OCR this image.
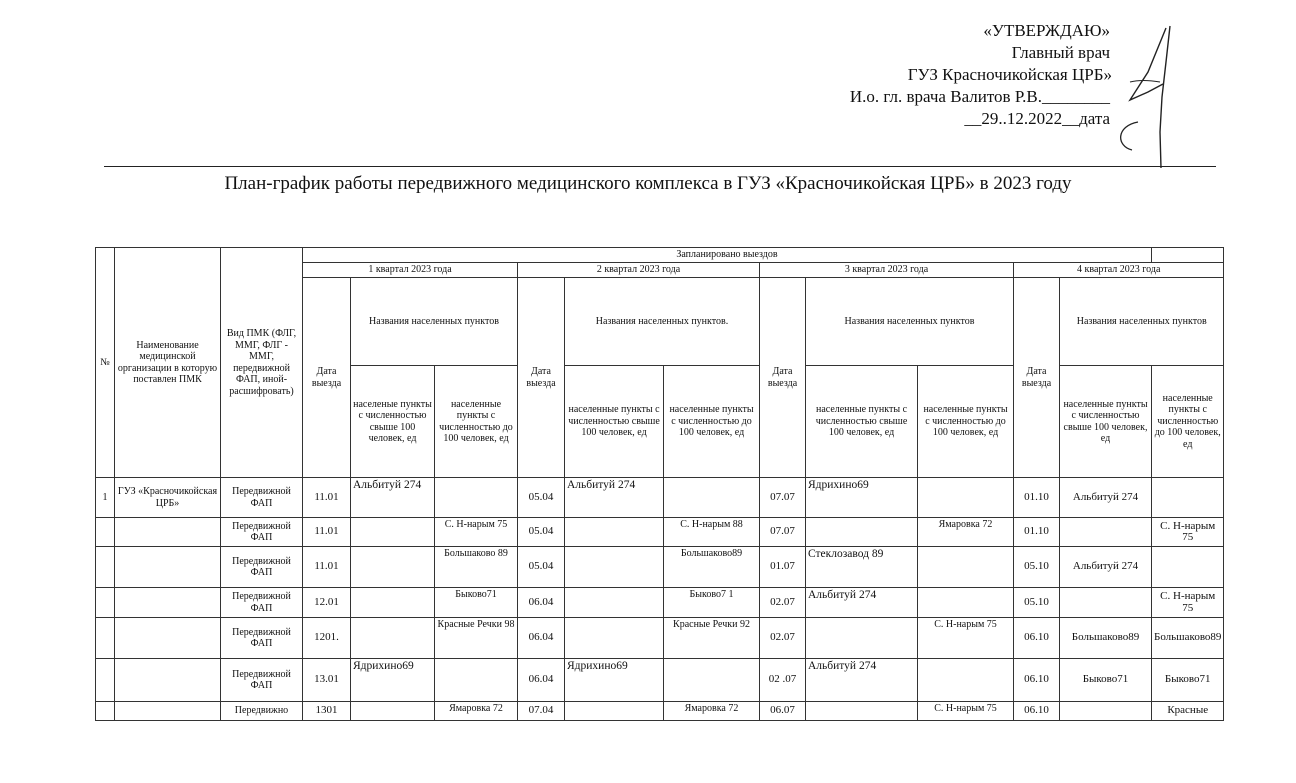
«УТВЕРЖДАЮ»
Главный врач
ГУЗ Красночикойская ЦРБ»
И.о. гл. врача Валитов Р.В.________
__29..12.2022__дата
План-график работы передвижного медицинского комплекса в ГУЗ «Красночикойская ЦРБ» в 2023 году
№	Наименование медицинской организации в которую поставлен ПМК	Вид ПМК (ФЛГ, ММГ, ФЛГ - ММГ, передвижной ФАП, иной-расшифровать)	Запланировано выездов											
			1 квартал 2023 года			2 квартал 2023 года			3 квартал 2023 года			4 квартал 2023 года		
			Дата выезда	Названия населенных пунктов		Дата выезда	Названия населенных пунктов.		Дата выезда	Названия населенных пунктов		Дата выезда	Названия населенных пунктов	
				населеные пункты с численностью свыше 100 человек, ед	населенные пункты с численностью до 100 человек, ед		населенные пункты с численностью свыше 100 человек, ед	населенные пункты с численностью до 100 человек, ед		населенные пункты с численностью свыше 100 человек, ед	населенные пункты с численностью до 100 человек, ед		населенные пункты с численностью свыше 100 человек, ед	населенные пункты с численностью до 100 человек, ед
1	ГУЗ «Красночикойская ЦРБ»	Передвижной ФАП	11.01	Альбитуй 274		05.04	Альбитуй 274		07.07	Ядрихино69		01.10	Альбитуй 274	
		Передвижной ФАП	11.01		С. Н-нарым 75	05.04		С. Н-нарым 88	07.07		Ямаровка 72	01.10		С. Н-нарым 75
		Передвижной ФАП	11.01		Большаково 89	05.04		Большаково89	01.07	Стеклозавод 89		05.10	Альбитуй 274	
		Передвижной ФАП	12.01		Быково71	06.04		Быково7 1	02.07	Альбитуй 274		05.10		С. Н-нарым 75
		Передвижной ФАП	1201.		Красные Речки 98	06.04		Красные Речки 92	02.07		С. Н-нарым 75	06.10	Большаково89	Большаково89
		Передвижной ФАП	13.01	Ядрихино69		06.04	Ядрихино69		02 .07	Альбитуй 274		06.10	Быково71	Быково71
		Передвижно	1301		Ямаровка 72	07.04		Ямаровка 72	06.07		С. Н-нарым 75	06.10		Красные
